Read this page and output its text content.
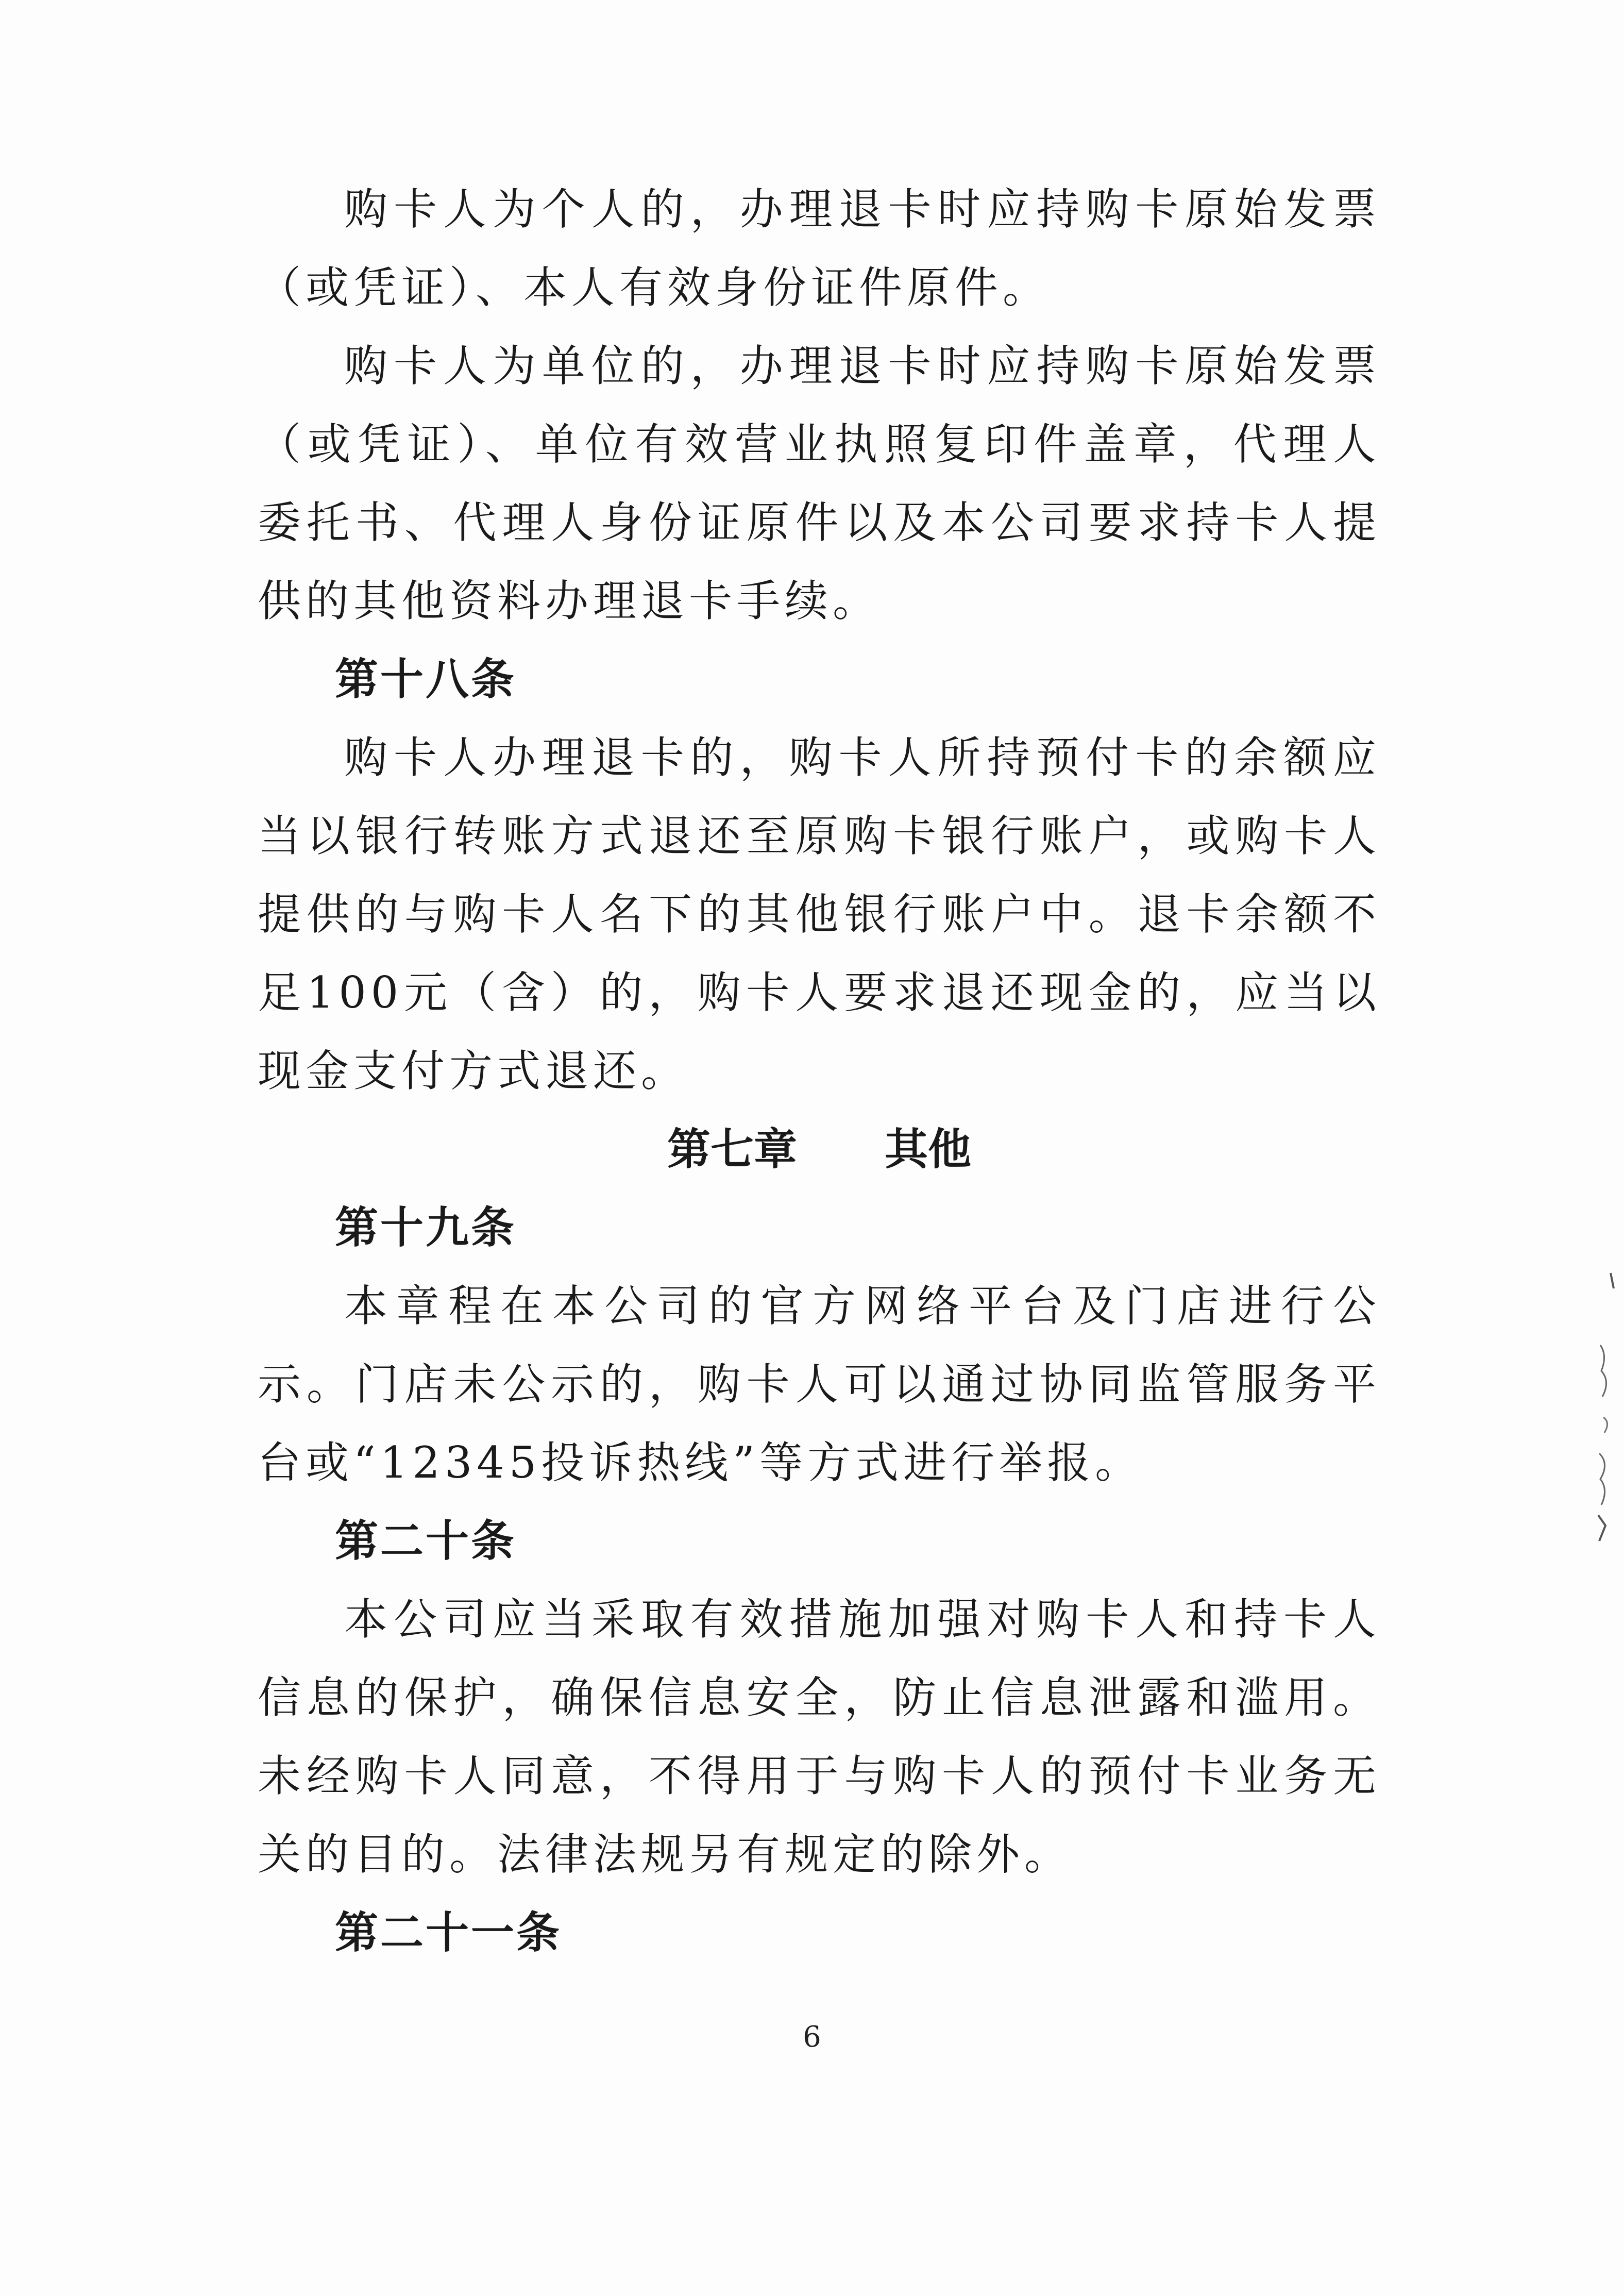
购卡人为个人的，办理退卡时应持购卡原始发票（或凭证）、本人有效身份证件原件。

购卡人为单位的，办理退卡时应持购卡原始发票（或凭证）、单位有效营业执照复印件盖章，代理人委托书、代理人身份证原件以及本公司要求持卡人提供的其他资料办理退卡手续。

第十八条

购卡人办理退卡的，购卡人所持预付卡的余额应当以银行转账方式退还至原购卡银行账户，或购卡人提供的与购卡人名下的其他银行账户中。退卡余额不足100元（含）的，购卡人要求退还现金的，应当以现金支付方式退还。

第七章 其他

第十九条

本章程在本公司的官方网络平台及门店进行公示。门店未公示的，购卡人可以通过协同监管服务平台或“12345投诉热线”等方式进行举报。

第二十条

本公司应当采取有效措施加强对购卡人和持卡人信息的保护，确保信息安全，防止信息泄露和滥用。未经购卡人同意，不得用于与购卡人的预付卡业务无关的目的。法律法规另有规定的除外。

第二十一条

6
